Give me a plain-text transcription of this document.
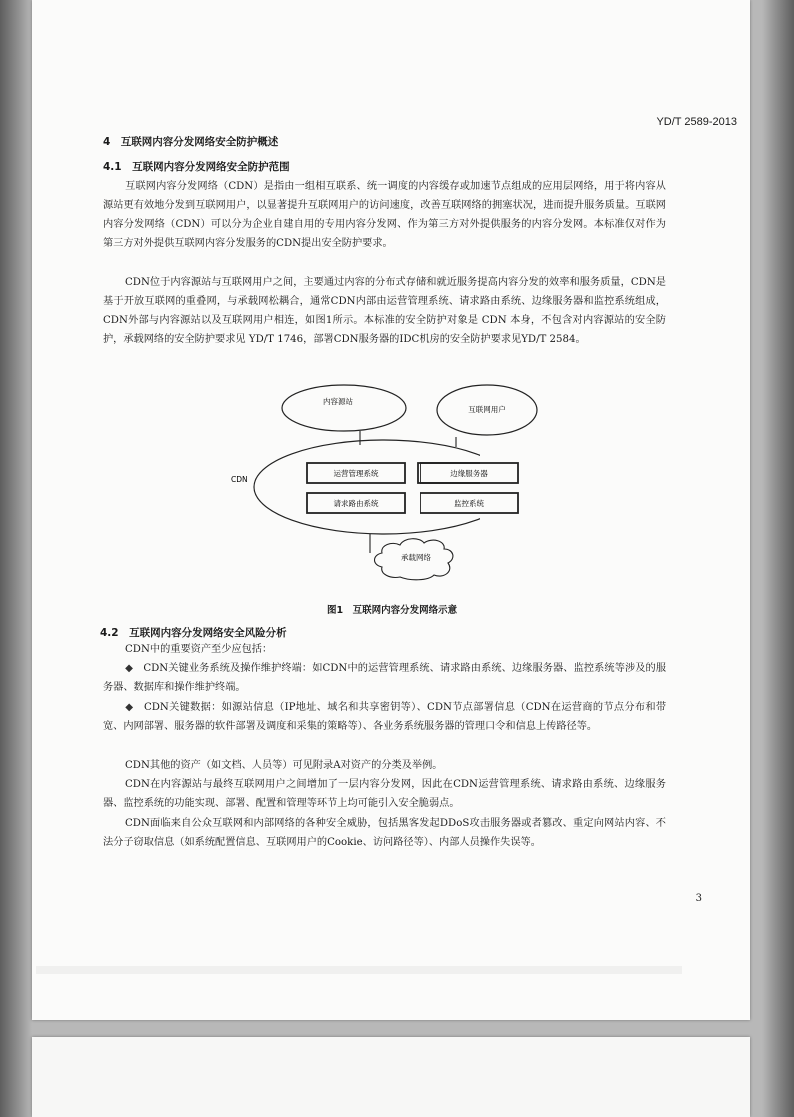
YD/T 2589-2013
4　互联网内容分发网络安全防护概述
4.1　互联网内容分发网络安全防护范围

互联网内容分发网络（CDN）是指由一组相互联系、统一调度的内容缓存或加速节点组成的应用层网络，用于将内容从源站更有效地分发到互联网用户，以显著提升互联网用户的访问速度，改善互联网络的拥塞状况，进而提升服务质量。互联网内容分发网络（CDN）可以分为企业自建自用的专用内容分发网、作为第三方对外提供服务的内容分发网。本标准仅对作为第三方对外提供互联网内容分发服务的CDN提出安全防护要求。

CDN位于内容源站与互联网用户之间，主要通过内容的分布式存储和就近服务提高内容分发的效率和服务质量，CDN是基于开放互联网的重叠网，与承载网松耦合，通常CDN内部由运营管理系统、请求路由系统、边缘服务器和监控系统组成，CDN外部与内容源站以及互联网用户相连，如图1所示。本标准的安全防护对象是 CDN 本身，不包含对内容源站的安全防护，承载网络的安全防护要求见 YD/T 1746，部署CDN服务器的IDC机房的安全防护要求见YD/T 2584。

内容源站
CDN
运营管理系统
请求路由系统
承载网络
互联网用户
边缘服务器
监控系统
图1　互联网内容分发网络示意
4.2　互联网内容分发网络安全风险分析

CDN中的重要资产至少应包括：

◆　 CDN关键业务系统及操作维护终端：如CDN中的运营管理系统、请求路由系统、边缘服务器、监控系统等涉及的服务器、数据库和操作维护终端。

◆　 CDN关键数据：如源站信息（IP地址、域名和共享密钥等）、CDN节点部署信息（CDN在运营商的节点分布和带宽、内网部署、服务器的软件部署及调度和采集的策略等）、各业务系统服务器的管理口令和信息上传路径等。

CDN其他的资产（如文档、人员等）可见附录A对资产的分类及举例。

CDN在内容源站与最终互联网用户之间增加了一层内容分发网，因此在CDN运营管理系统、请求路由系统、边缘服务器、监控系统的功能实现、部署、配置和管理等环节上均可能引入安全脆弱点。

CDN面临来自公众互联网和内部网络的各种安全威胁，包括黑客发起DDoS攻击服务器或者篡改、重定向网站内容、不法分子窃取信息（如系统配置信息、互联网用户的Cookie、访问路径等）、内部人员操作失误等。

3
